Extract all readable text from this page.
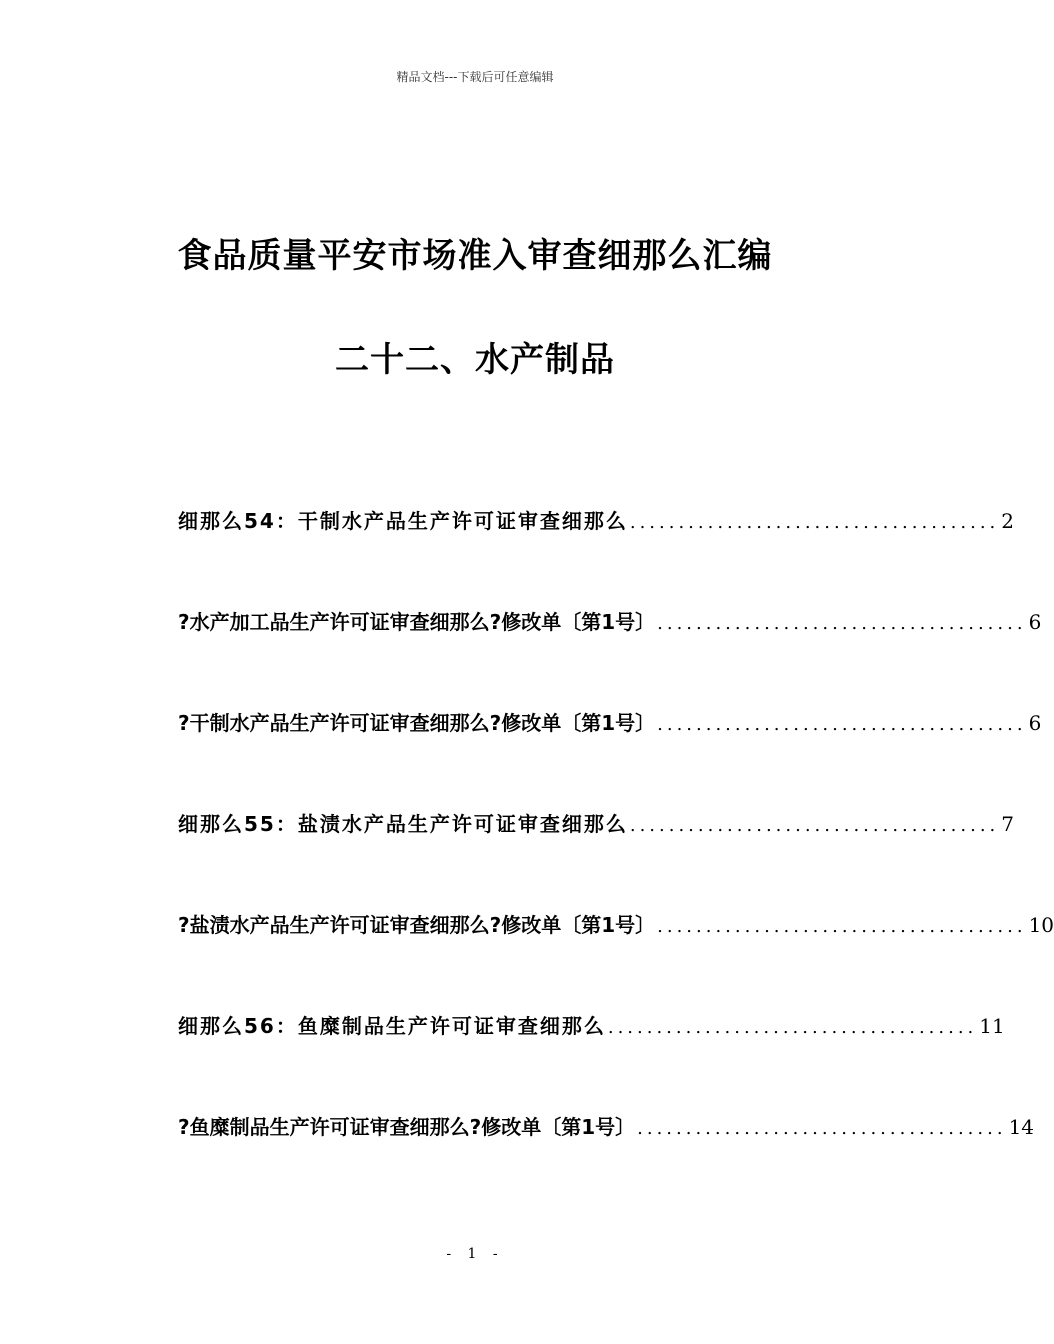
精品文档---下载后可任意编辑
食品质量平安市场准入审查细那么汇编
二十二、水产制品
细那么54：干制水产品生产许可证审查细那么 ...................................... 2
?水产加工品生产许可证审查细那么?修改单〔第1号〕 ...................................... 6
?干制水产品生产许可证审查细那么?修改单〔第1号〕 ...................................... 6
细那么55：盐渍水产品生产许可证审查细那么 ...................................... 7
?盐渍水产品生产许可证审查细那么?修改单〔第1号〕 ...................................... 10
细那么56：鱼糜制品生产许可证审查细那么 ...................................... 11
?鱼糜制品生产许可证审查细那么?修改单〔第1号〕 ...................................... 14
- 1 -
